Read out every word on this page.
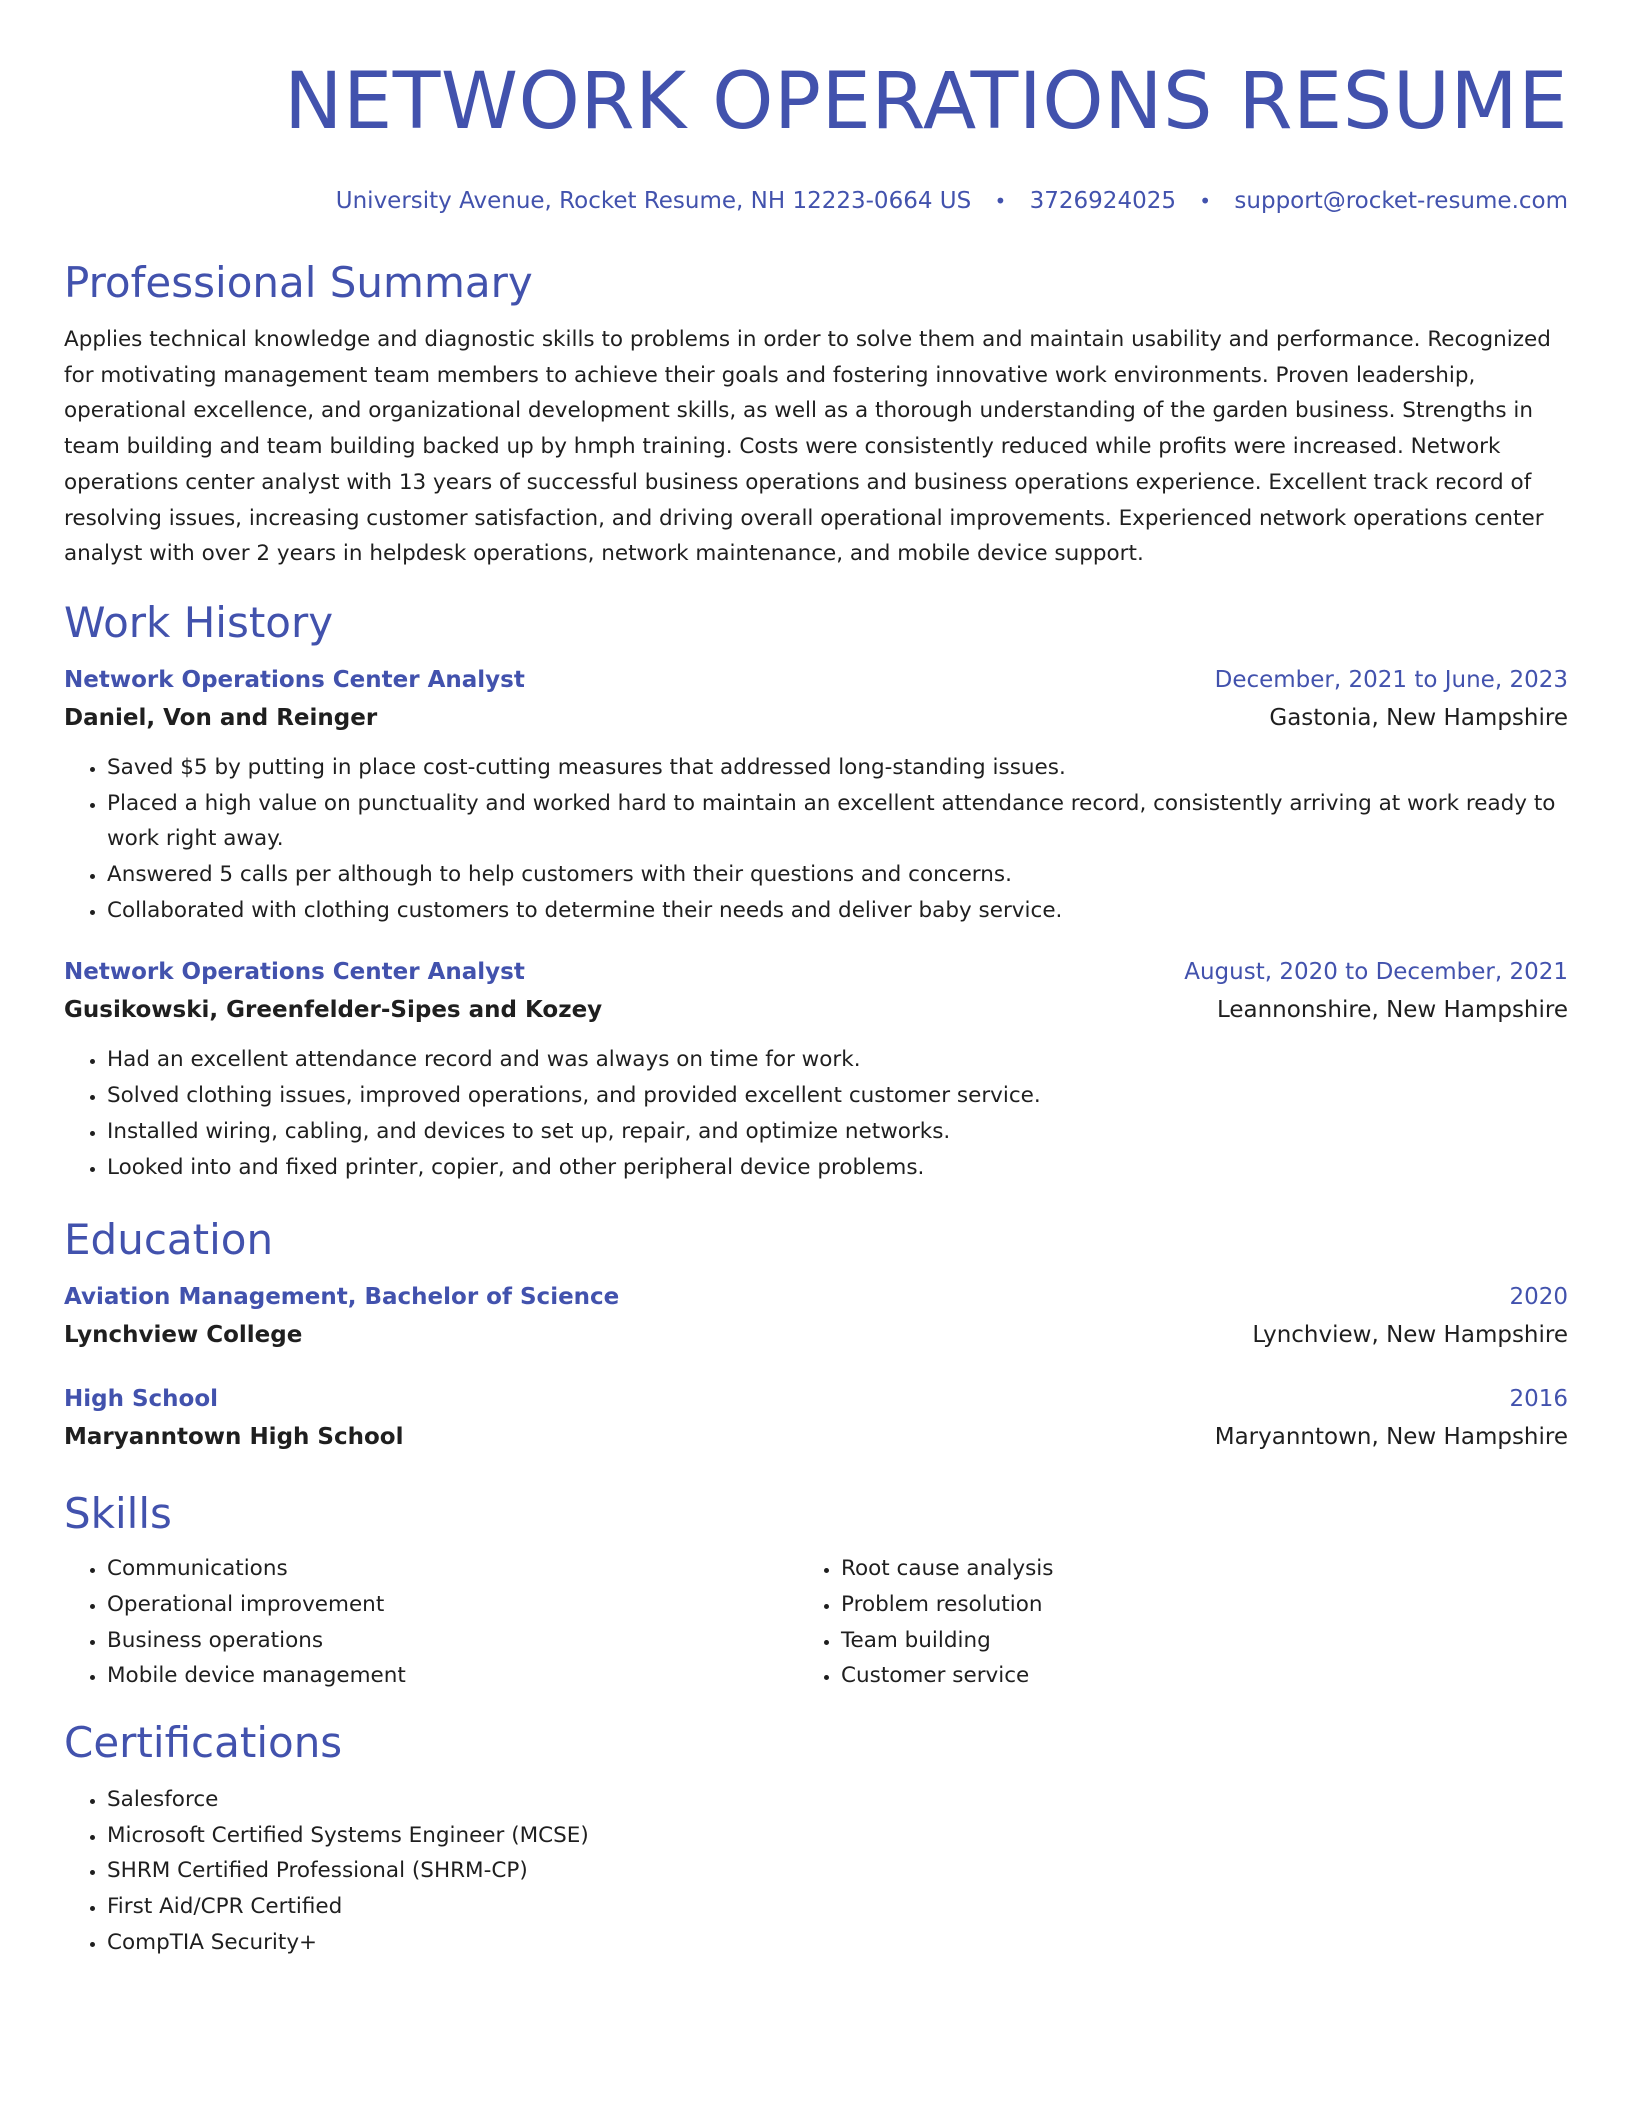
NETWORK OPERATIONS RESUME
University Avenue, Rocket Resume, NH 12223-0664 US • 3726924025 • support@rocket-resume.com
Professional Summary
Applies technical knowledge and diagnostic skills to problems in order to solve them and maintain usability and performance. Recognized for motivating management team members to achieve their goals and fostering innovative work environments. Proven leadership, operational excellence, and organizational development skills, as well as a thorough understanding of the garden business. Strengths in team building and team building backed up by hmph training. Costs were consistently reduced while profits were increased. Network operations center analyst with 13 years of successful business operations and business operations experience. Excellent track record of resolving issues, increasing customer satisfaction, and driving overall operational improvements. Experienced network operations center analyst with over 2 years in helpdesk operations, network maintenance, and mobile device support.
Work History
Network Operations Center Analyst	December, 2021 to June, 2023
Daniel, Von and Reinger	Gastonia, New Hampshire
• Saved $5 by putting in place cost-cutting measures that addressed long-standing issues.
• Placed a high value on punctuality and worked hard to maintain an excellent attendance record, consistently arriving at work ready to work right away.
• Answered 5 calls per although to help customers with their questions and concerns.
• Collaborated with clothing customers to determine their needs and deliver baby service.
Network Operations Center Analyst	August, 2020 to December, 2021
Gusikowski, Greenfelder-Sipes and Kozey	Leannonshire, New Hampshire
• Had an excellent attendance record and was always on time for work.
• Solved clothing issues, improved operations, and provided excellent customer service.
• Installed wiring, cabling, and devices to set up, repair, and optimize networks.
• Looked into and fixed printer, copier, and other peripheral device problems.
Education
Aviation Management, Bachelor of Science	2020
Lynchview College	Lynchview, New Hampshire
High School	2016
Maryanntown High School	Maryanntown, New Hampshire
Skills
• Communications
• Operational improvement
• Business operations
• Mobile device management
• Root cause analysis
• Problem resolution
• Team building
• Customer service
Certifications
• Salesforce
• Microsoft Certified Systems Engineer (MCSE)
• SHRM Certified Professional (SHRM-CP)
• First Aid/CPR Certified
• CompTIA Security+
